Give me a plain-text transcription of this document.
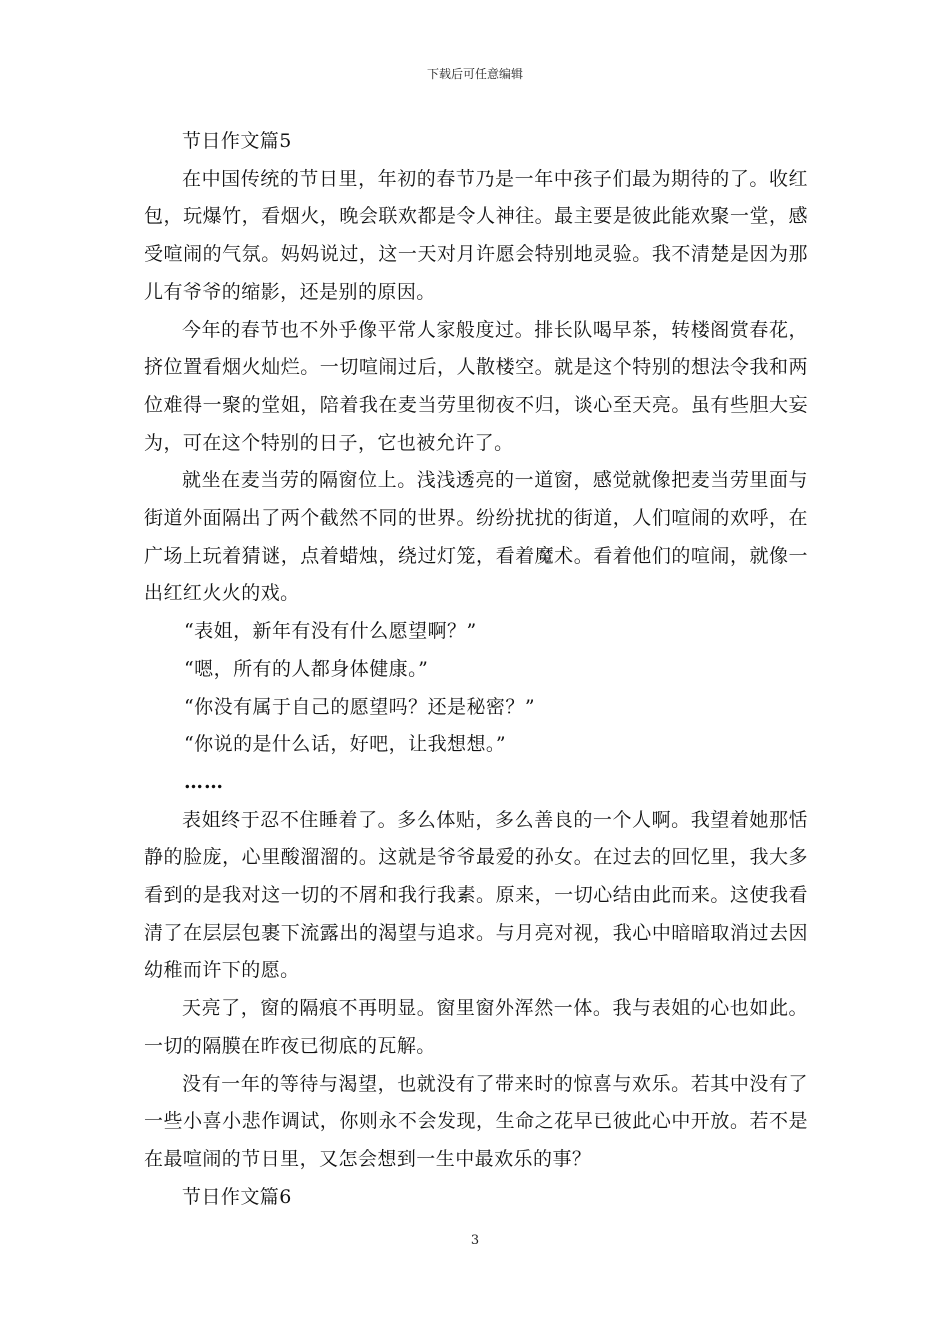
下载后可任意编辑

节日作文篇5

在中国传统的节日里，年初的春节乃是一年中孩子们最为期待的了。收红包，玩爆竹，看烟火，晚会联欢都是令人神往。最主要是彼此能欢聚一堂，感受喧闹的气氛。妈妈说过，这一天对月许愿会特别地灵验。我不清楚是因为那儿有爷爷的缩影，还是别的原因。

今年的春节也不外乎像平常人家般度过。排长队喝早茶，转楼阁赏春花，挤位置看烟火灿烂。一切喧闹过后，人散楼空。就是这个特别的想法令我和两位难得一聚的堂姐，陪着我在麦当劳里彻夜不归，谈心至天亮。虽有些胆大妄为，可在这个特别的日子，它也被允许了。

就坐在麦当劳的隔窗位上。浅浅透亮的一道窗，感觉就像把麦当劳里面与街道外面隔出了两个截然不同的世界。纷纷扰扰的街道，人们喧闹的欢呼，在广场上玩着猜谜，点着蜡烛，绕过灯笼，看着魔术。看着他们的喧闹，就像一出红红火火的戏。

“表姐，新年有没有什么愿望啊？”

“嗯，所有的人都身体健康。”

“你没有属于自己的愿望吗？还是秘密？”

“你说的是什么话，好吧，让我想想。”

……

表姐终于忍不住睡着了。多么体贴，多么善良的一个人啊。我望着她那恬静的脸庞，心里酸溜溜的。这就是爷爷最爱的孙女。在过去的回忆里，我大多看到的是我对这一切的不屑和我行我素。原来，一切心结由此而来。这使我看清了在层层包裹下流露出的渴望与追求。与月亮对视，我心中暗暗取消过去因幼稚而许下的愿。

天亮了，窗的隔痕不再明显。窗里窗外浑然一体。我与表姐的心也如此。一切的隔膜在昨夜已彻底的瓦解。

没有一年的等待与渴望，也就没有了带来时的惊喜与欢乐。若其中没有了一些小喜小悲作调试，你则永不会发现，生命之花早已彼此心中开放。若不是在最喧闹的节日里，又怎会想到一生中最欢乐的事？

节日作文篇6

3
